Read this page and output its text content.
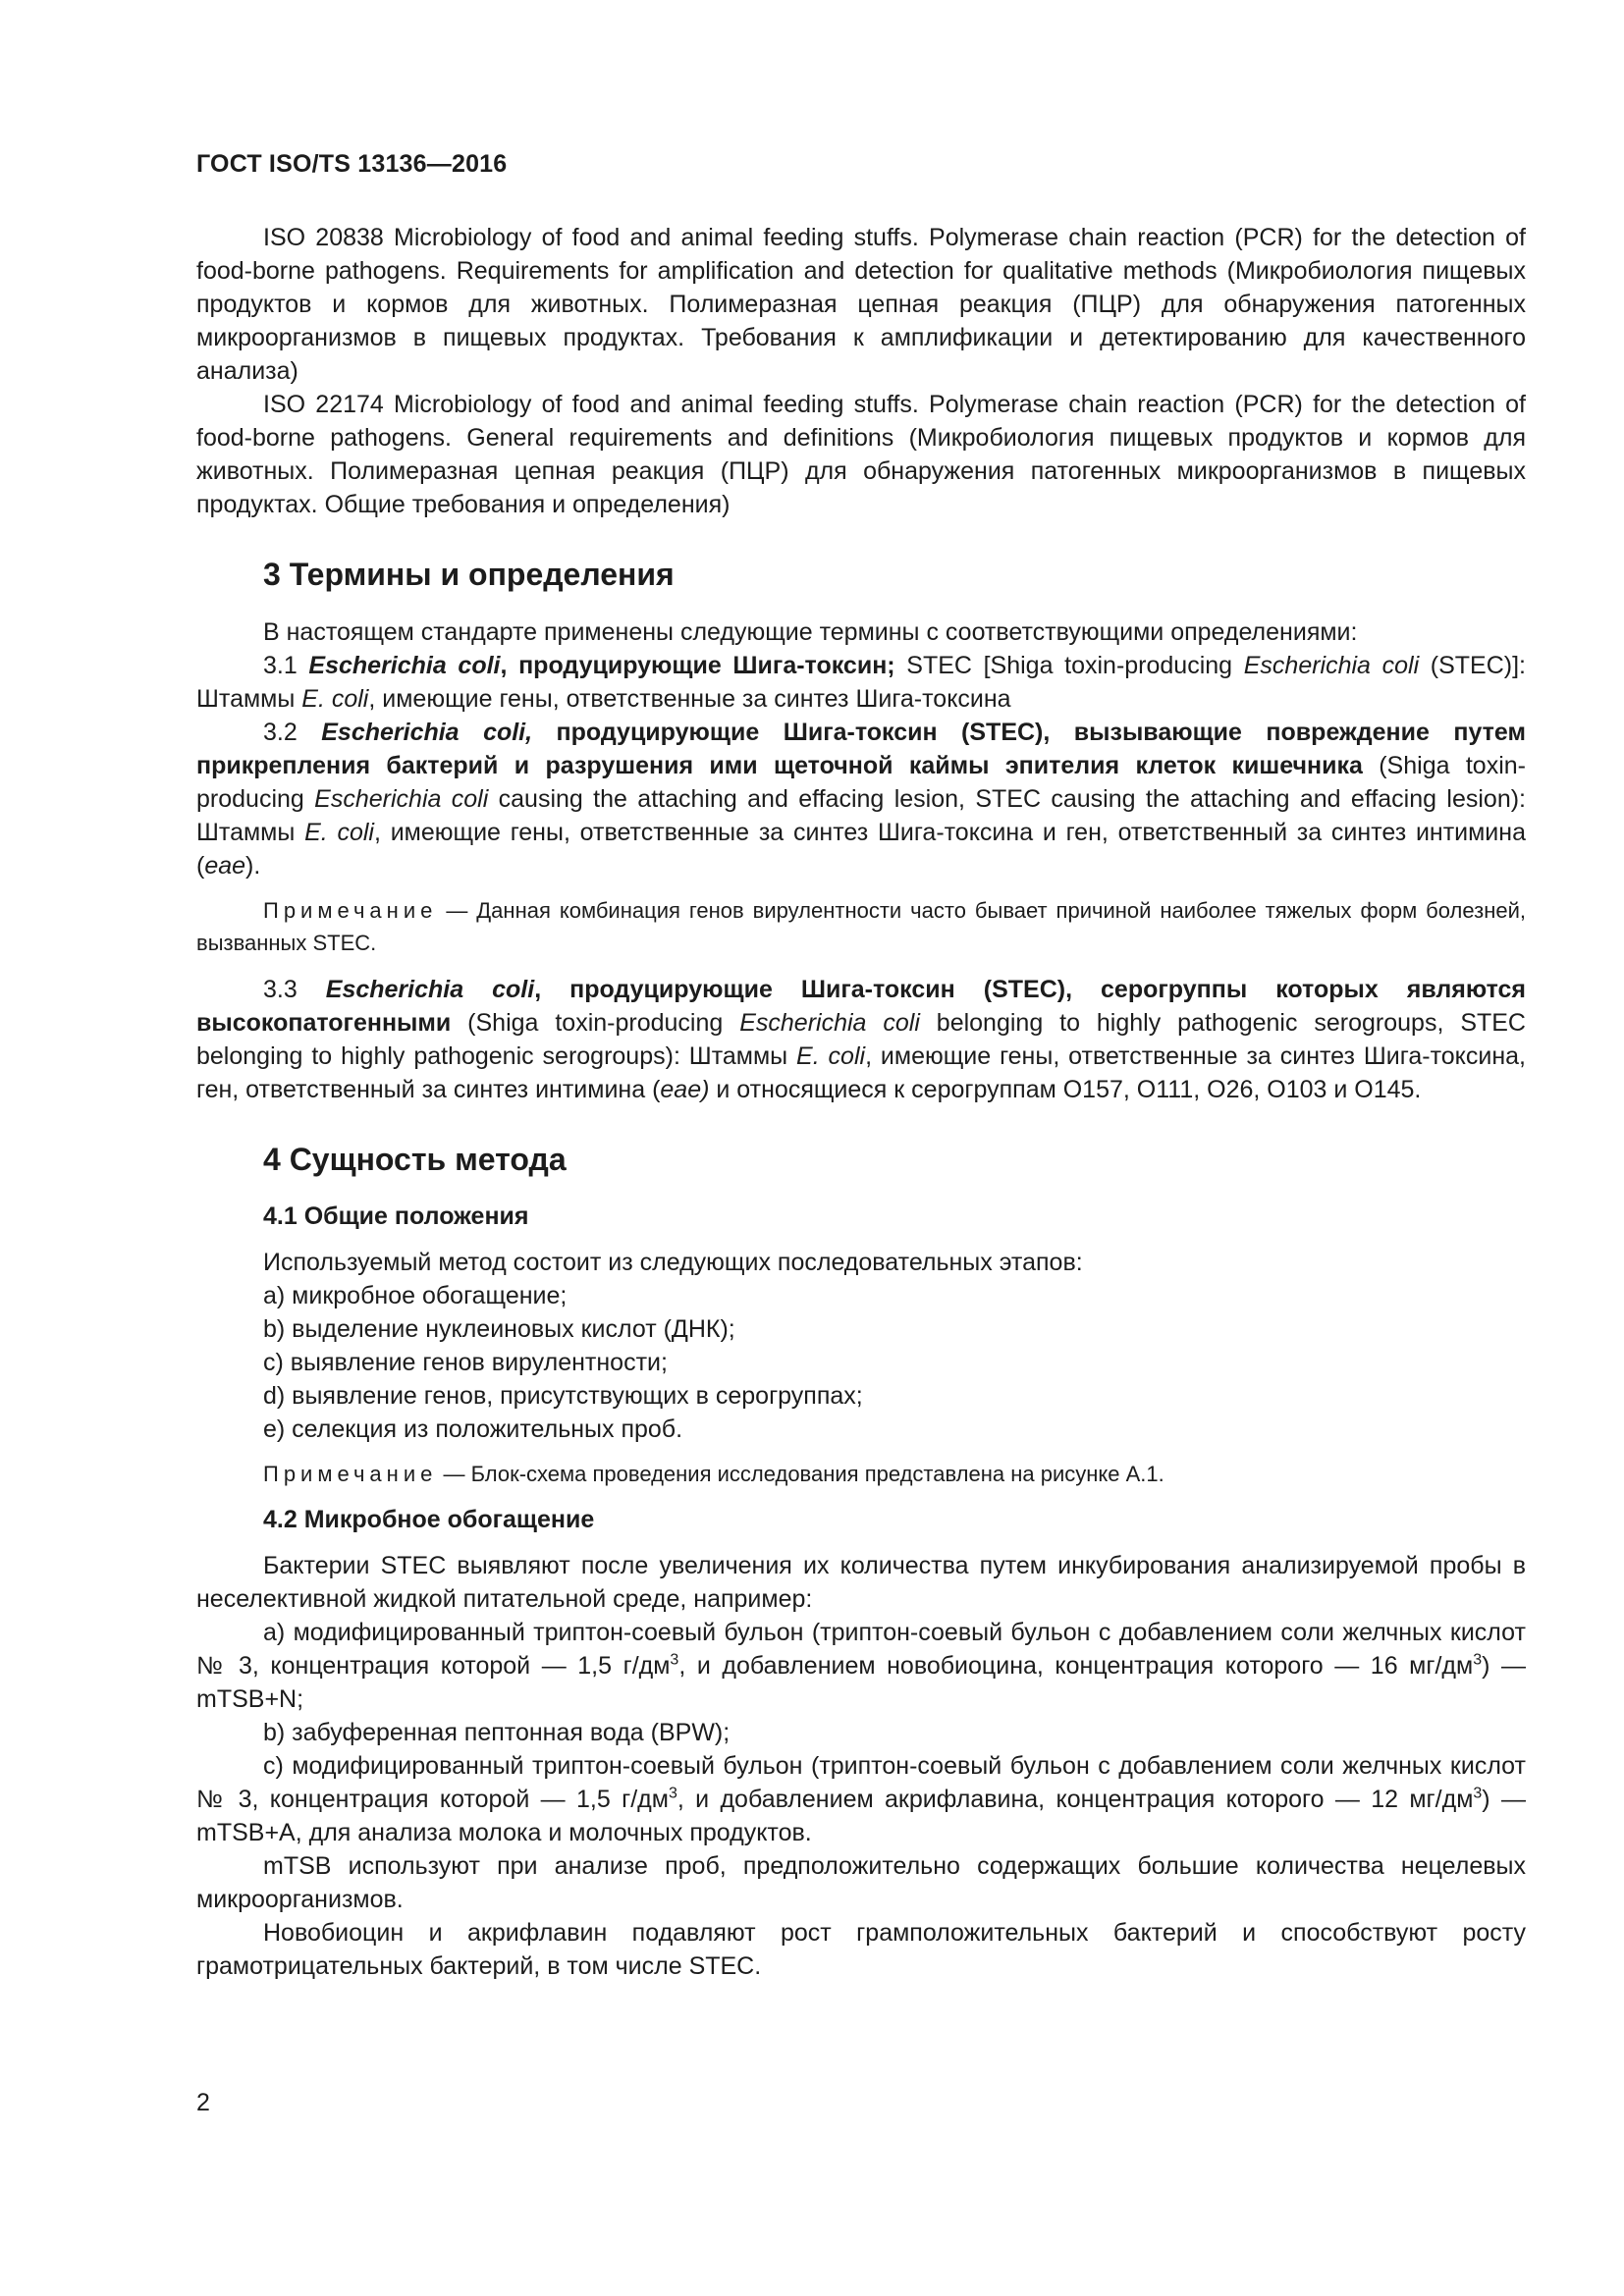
ГОСТ ISO/TS 13136—2016

ISO 20838 Microbiology of food and animal feeding stuffs. Polymerase chain reaction (PCR) for the detection of food-borne pathogens. Requirements for amplification and detection for qualitative methods (Микробиология пищевых продуктов и кормов для животных. Полимеразная цепная реакция (ПЦР) для обнаружения патогенных микроорганизмов в пищевых продуктах. Требования к амплификации и детектированию для качественного анализа)

ISO 22174 Microbiology of food and animal feeding stuffs. Polymerase chain reaction (PCR) for the detection of food-borne pathogens. General requirements and definitions (Микробиология пищевых продуктов и кормов для животных. Полимеразная цепная реакция (ПЦР) для обнаружения патогенных микроорганизмов в пищевых продуктах. Общие требования и определения)

3 Термины и определения

В настоящем стандарте применены следующие термины с соответствующими определениями:

3.1 Escherichia coli, продуцирующие Шига-токсин; STEC [Shiga toxin-producing Escherichia coli (STEC)]: Штаммы E. coli, имеющие гены, ответственные за синтез Шига-токсина

3.2 Escherichia coli, продуцирующие Шига-токсин (STEC), вызывающие повреждение путем прикрепления бактерий и разрушения ими щеточной каймы эпителия клеток кишечника (Shiga toxin-producing Escherichia coli causing the attaching and effacing lesion, STEC causing the attaching and effacing lesion): Штаммы E. coli, имеющие гены, ответственные за синтез Шига-токсина и ген, ответственный за синтез интимина (eae).

Примечание — Данная комбинация генов вирулентности часто бывает причиной наиболее тяжелых форм болезней, вызванных STEC.

3.3 Escherichia coli, продуцирующие Шига-токсин (STEC), серогруппы которых являются высокопатогенными (Shiga toxin-producing Escherichia coli belonging to highly pathogenic serogroups, STEC belonging to highly pathogenic serogroups): Штаммы E. coli, имеющие гены, ответственные за синтез Шига-токсина, ген, ответственный за синтез интимина (eae) и относящиеся к серогруппам O157, O111, O26, O103 и O145.

4 Сущность метода
4.1 Общие положения

Используемый метод состоит из следующих последовательных этапов:

а) микробное обогащение;

b) выделение нуклеиновых кислот (ДНК);

c) выявление генов вирулентности;

d) выявление генов, присутствующих в серогруппах;

е) селекция из положительных проб.

Примечание — Блок-схема проведения исследования представлена на рисунке А.1.

4.2 Микробное обогащение

Бактерии STEC выявляют после увеличения их количества путем инкубирования анализируемой пробы в неселективной жидкой питательной среде, например:

а) модифицированный триптон-соевый бульон (триптон-соевый бульон с добавлением соли желчных кислот № 3, концентрация которой — 1,5 $г/дм^3$, и добавлением новобиоцина, концентрация которого — 16 $мг/дм^3$) — mTSB+N;

b) забуференная пептонная вода (BPW);

c) модифицированный триптон-соевый бульон (триптон-соевый бульон с добавлением соли желчных кислот № 3, концентрация которой — 1,5 $г/дм^3$, и добавлением акрифлавина, концентрация которого — 12 $мг/дм^3$) — mTSB+A, для анализа молока и молочных продуктов.

mTSB используют при анализе проб, предположительно содержащих большие количества нецелевых микроорганизмов.

Новобиоцин и акрифлавин подавляют рост грамположительных бактерий и способствуют росту грамотрицательных бактерий, в том числе STEC.

2
